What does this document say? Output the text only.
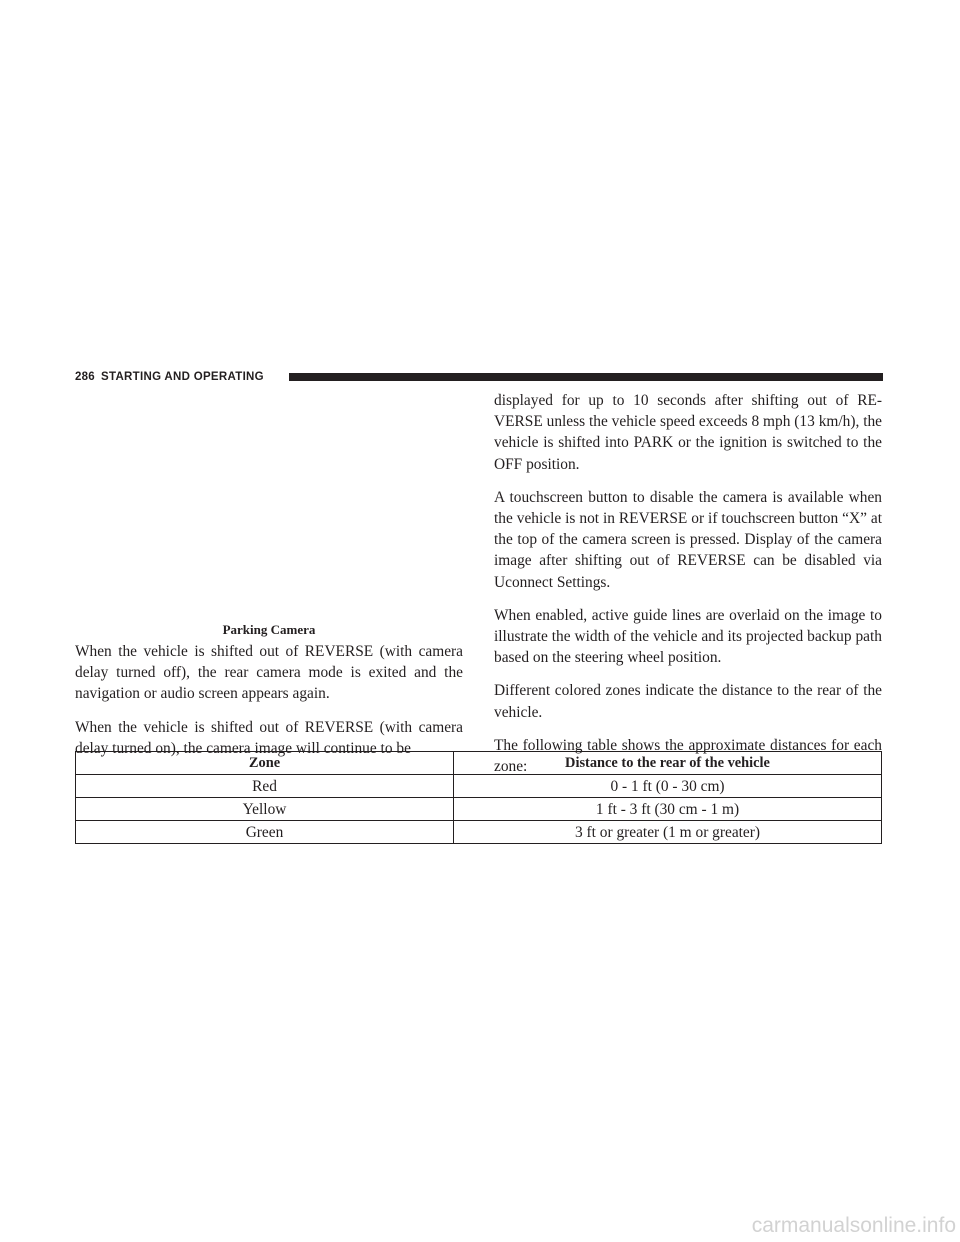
286 STARTING AND OPERATING
Parking Camera

When the vehicle is shifted out of REVERSE (with camera delay turned off), the rear camera mode is exited and the navigation or audio screen appears again.

When the vehicle is shifted out of REVERSE (with camera delay turned on), the camera image will continue to be

displayed for up to 10 seconds after shifting out of RE-VERSE unless the vehicle speed exceeds 8 mph (13 km/h), the vehicle is shifted into PARK or the ignition is switched to the OFF position.

A touchscreen button to disable the camera is available when the vehicle is not in REVERSE or if touchscreen button “X” at the top of the camera screen is pressed. Display of the camera image after shifting out of REVERSE can be disabled via Uconnect Settings.

When enabled, active guide lines are overlaid on the image to illustrate the width of the vehicle and its projected backup path based on the steering wheel position.

Different colored zones indicate the distance to the rear of the vehicle.

The following table shows the approximate distances for each zone:

Zone	Distance to the rear of the vehicle
Red	0 - 1 ft (0 - 30 cm)
Yellow	1 ft - 3 ft (30 cm - 1 m)
Green	3 ft or greater (1 m or greater)
carmanualsonline.info
